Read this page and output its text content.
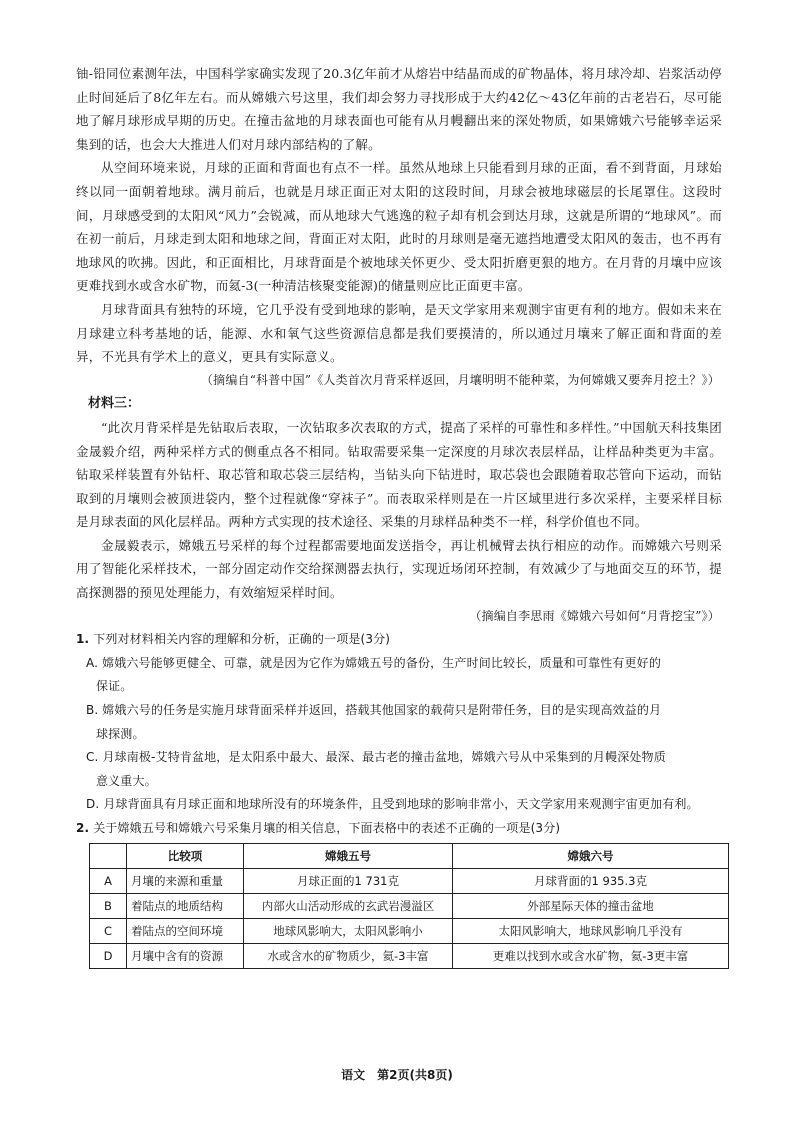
铀-铅同位素测年法，中国科学家确实发现了20.3亿年前才从熔岩中结晶而成的矿物晶体，将月球冷却、岩浆活动停止时间延后了8亿年左右。而从嫦娥六号这里，我们却会努力寻找形成于大约42亿～43亿年前的古老岩石，尽可能地了解月球形成早期的历史。在撞击盆地的月球表面也可能有从月幔翻出来的深处物质，如果嫦娥六号能够幸运采集到的话，也会大大推进人们对月球内部结构的了解。

从空间环境来说，月球的正面和背面也有点不一样。虽然从地球上只能看到月球的正面，看不到背面，月球始终以同一面朝着地球。满月前后，也就是月球正面正对太阳的这段时间，月球会被地球磁层的长尾罩住。这段时间，月球感受到的太阳风“风力”会锐减，而从地球大气逃逸的粒子却有机会到达月球，这就是所谓的“地球风”。而在初一前后，月球走到太阳和地球之间，背面正对太阳，此时的月球则是毫无遮挡地遭受太阳风的轰击，也不再有地球风的吹拂。因此，和正面相比，月球背面是个被地球关怀更少、受太阳折磨更狠的地方。在月背的月壤中应该更难找到水或含水矿物，而氦-3(一种清洁核聚变能源)的储量则应比正面更丰富。

月球背面具有独特的环境，它几乎没有受到地球的影响，是天文学家用来观测宇宙更有利的地方。假如未来在月球建立科考基地的话，能源、水和氧气这些资源信息都是我们要摸清的，所以通过月壤来了解正面和背面的差异，不光具有学术上的意义，更具有实际意义。

（摘编自“科普中国”《人类首次月背采样返回，月壤明明不能种菜，为何嫦娥又要奔月挖土？》）

材料三：

“此次月背采样是先钻取后表取，一次钻取多次表取的方式，提高了采样的可靠性和多样性。”中国航天科技集团金晟毅介绍，两种采样方式的侧重点各不相同。钻取需要采集一定深度的月球次表层样品，让样品种类更为丰富。钻取采样装置有外钻杆、取芯管和取芯袋三层结构，当钻头向下钻进时，取芯袋也会跟随着取芯管向下运动，而钻取到的月壤则会被顶进袋内，整个过程就像“穿袜子”。而表取采样则是在一片区域里进行多次采样，主要采样目标是月球表面的风化层样品。两种方式实现的技术途径、采集的月球样品种类不一样，科学价值也不同。

金晟毅表示，嫦娥五号采样的每个过程都需要地面发送指令，再让机械臂去执行相应的动作。而嫦娥六号则采用了智能化采样技术，一部分固定动作交给探测器去执行，实现近场闭环控制，有效减少了与地面交互的环节，提高探测器的预见处理能力，有效缩短采样时间。

（摘编自李思雨《嫦娥六号如何“月背挖宝”》）

1. 下列对材料相关内容的理解和分析，正确的一项是(3分)

A. 嫦娥六号能够更健全、可靠，就是因为它作为嫦娥五号的备份，生产时间比较长，质量和可靠性有更好的
保证。

B. 嫦娥六号的任务是实施月球背面采样并返回，搭载其他国家的载荷只是附带任务，目的是实现高效益的月
球探测。

C. 月球南极-艾特肯盆地，是太阳系中最大、最深、最古老的撞击盆地，嫦娥六号从中采集到的月幔深处物质
意义重大。

D. 月球背面具有月球正面和地球所没有的环境条件，且受到地球的影响非常小，天文学家用来观测宇宙更加有利。

2. 关于嫦娥五号和嫦娥六号采集月壤的相关信息，下面表格中的表述不正确的一项是(3分)

	比较项	嫦娥五号	嫦娥六号
A	月壤的来源和重量	月球正面的1 731克	月球背面的1 935.3克
B	着陆点的地质结构	内部火山活动形成的玄武岩漫溢区	外部星际天体的撞击盆地
C	着陆点的空间环境	地球风影响大，太阳风影响小	太阳风影响大，地球风影响几乎没有
D	月壤中含有的资源	水或含水的矿物质少，氦-3丰富	更难以找到水或含水矿物，氦-3更丰富
语文　第2页(共8页)
